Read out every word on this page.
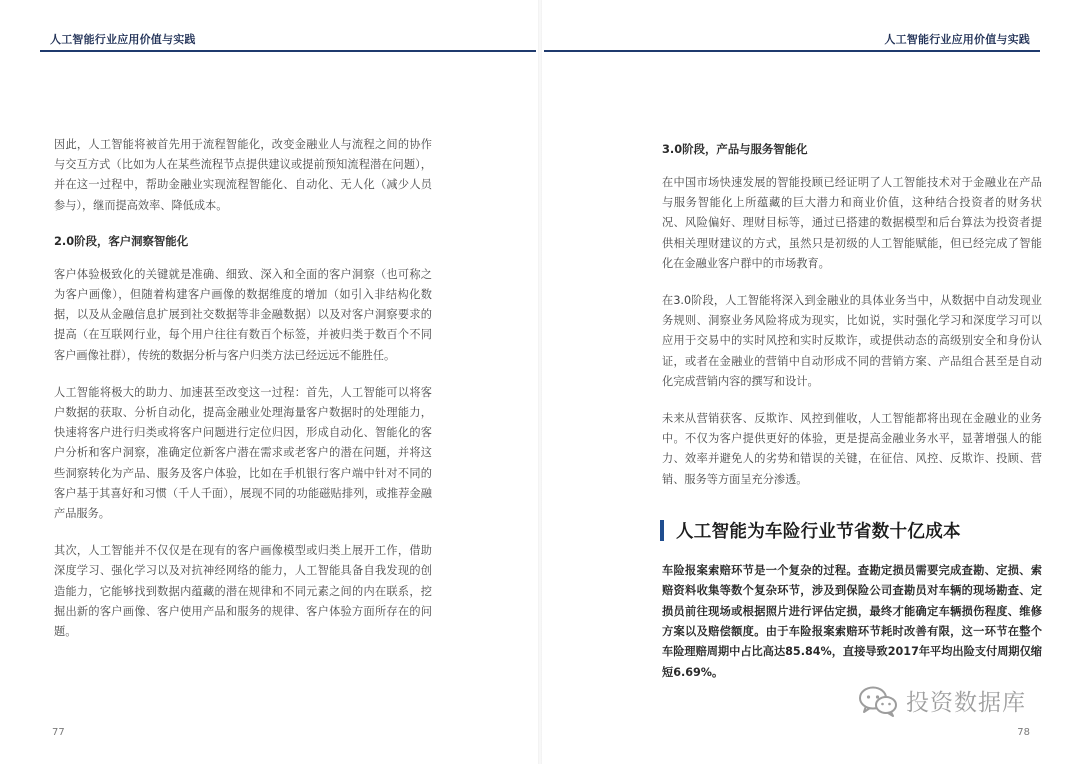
人工智能行业应用价值与实践

因此，人工智能将被首先用于流程智能化，改变金融业人与流程之间的协作与交互方式（比如为人在某些流程节点提供建议或提前预知流程潜在问题），并在这一过程中，帮助金融业实现流程智能化、自动化、无人化（减少人员参与），继而提高效率、降低成本。

2.0阶段，客户洞察智能化

客户体验极致化的关键就是准确、细致、深入和全面的客户洞察（也可称之为客户画像），但随着构建客户画像的数据维度的增加（如引入非结构化数据，以及从金融信息扩展到社交数据等非金融数据）以及对客户洞察要求的提高（在互联网行业，每个用户往往有数百个标签，并被归类于数百个不同客户画像社群），传统的数据分析与客户归类方法已经远远不能胜任。

人工智能将极大的助力、加速甚至改变这一过程：首先，人工智能可以将客户数据的获取、分析自动化，提高金融业处理海量客户数据时的处理能力，快速将客户进行归类或将客户问题进行定位归因，形成自动化、智能化的客户分析和客户洞察，准确定位新客户潜在需求或老客户的潜在问题，并将这些洞察转化为产品、服务及客户体验，比如在手机银行客户端中针对不同的客户基于其喜好和习惯（千人千面），展现不同的功能磁贴排列，或推荐金融产品服务。

其次，人工智能并不仅仅是在现有的客户画像模型或归类上展开工作，借助深度学习、强化学习以及对抗神经网络的能力，人工智能具备自我发现的创造能力，它能够找到数据内蕴藏的潜在规律和不同元素之间的内在联系，挖掘出新的客户画像、客户使用产品和服务的规律、客户体验方面所存在的问题。

77
人工智能行业应用价值与实践
3.0阶段，产品与服务智能化

在中国市场快速发展的智能投顾已经证明了人工智能技术对于金融业在产品与服务智能化上所蕴藏的巨大潜力和商业价值，这种结合投资者的财务状况、风险偏好、理财目标等，通过已搭建的数据模型和后台算法为投资者提供相关理财建议的方式，虽然只是初级的人工智能赋能，但已经完成了智能化在金融业客户群中的市场教育。

在3.0阶段，人工智能将深入到金融业的具体业务当中，从数据中自动发现业务规则、洞察业务风险将成为现实，比如说，实时强化学习和深度学习可以应用于交易中的实时风控和实时反欺诈，或提供动态的高级别安全和身份认证，或者在金融业的营销中自动形成不同的营销方案、产品组合甚至是自动化完成营销内容的撰写和设计。

未来从营销获客、反欺诈、风控到催收，人工智能都将出现在金融业的业务中。不仅为客户提供更好的体验，更是提高金融业务水平，显著增强人的能力、效率并避免人的劣势和错误的关键，在征信、风控、反欺诈、投顾、营销、服务等方面呈充分渗透。

人工智能为车险行业节省数十亿成本

车险报案索赔环节是一个复杂的过程。查勘定损员需要完成查勘、定损、索赔资料收集等数个复杂环节，涉及到保险公司查勘员对车辆的现场勘查、定损员前往现场或根据照片进行评估定损，最终才能确定车辆损伤程度、维修方案以及赔偿额度。由于车险报案索赔环节耗时改善有限，这一环节在整个车险理赔周期中占比高达85.84%，直接导致2017年平均出险支付周期仅缩短6.69%。

78
投资数据库
